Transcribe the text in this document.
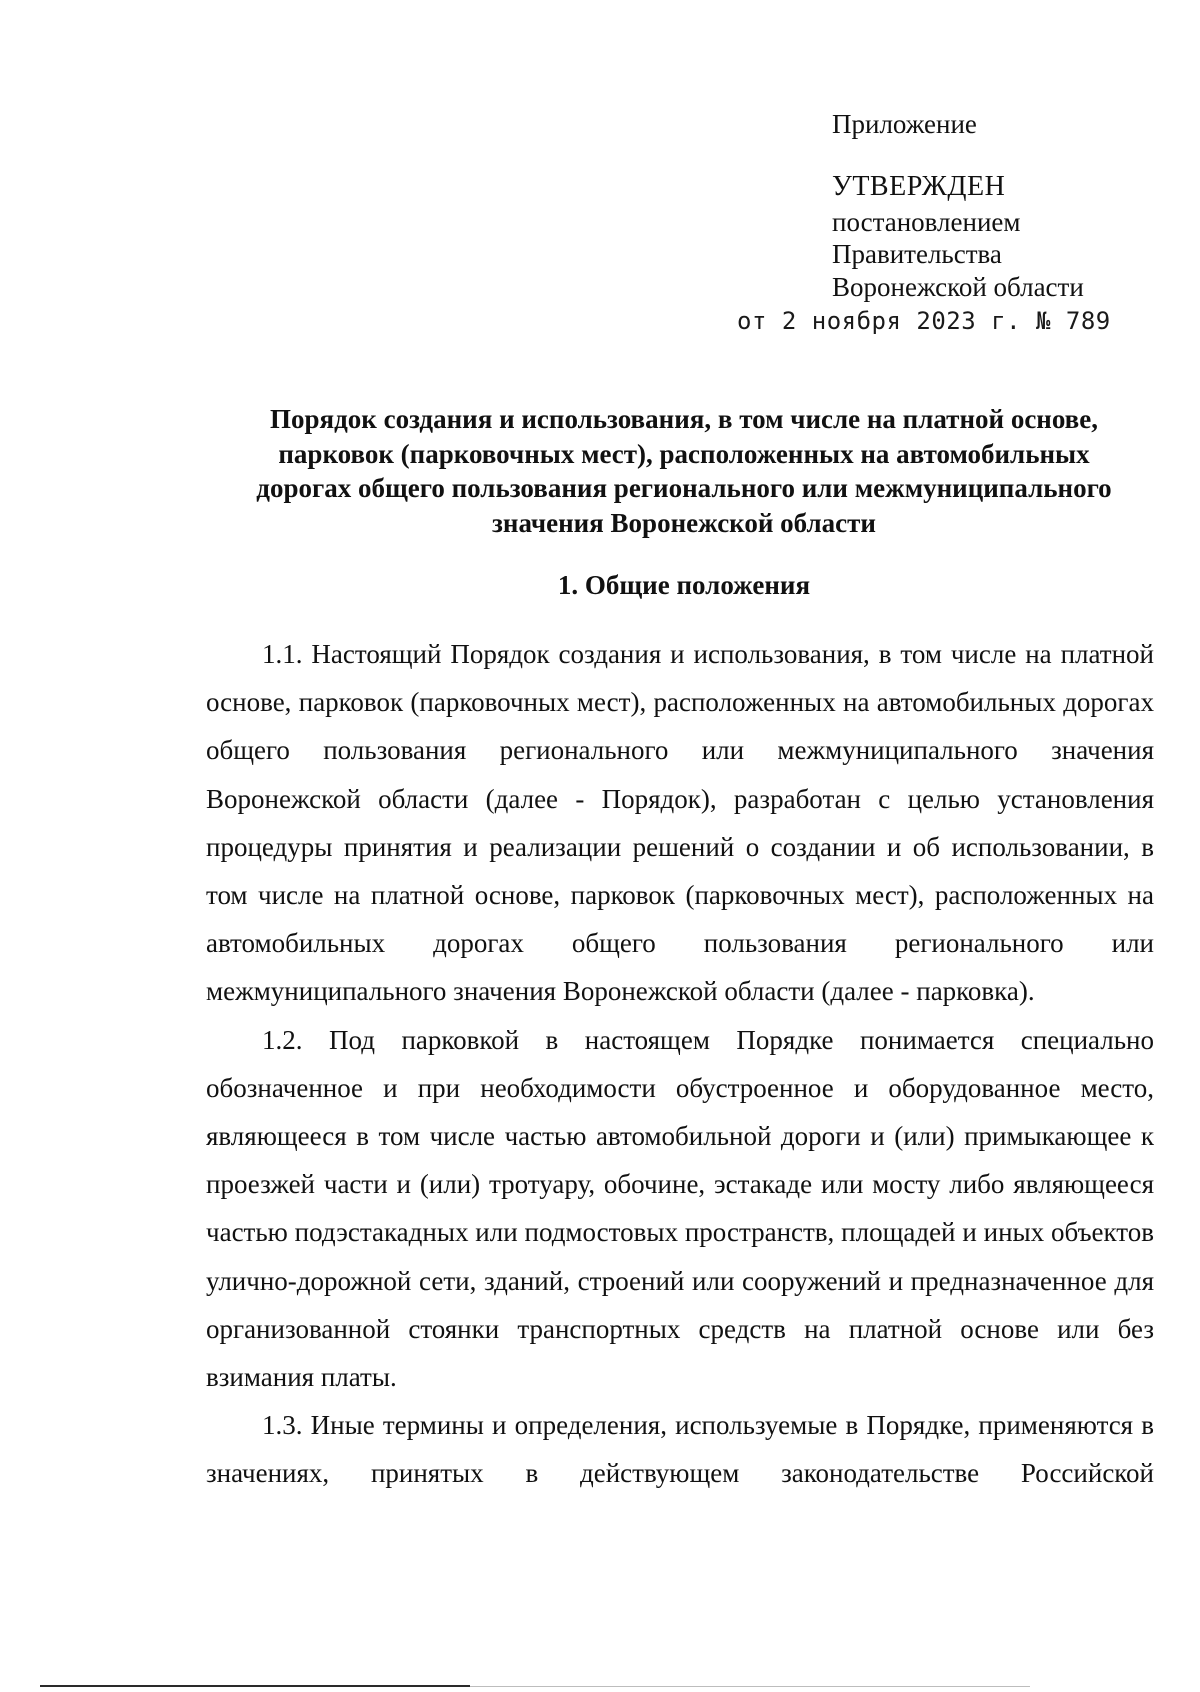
Приложение
УТВЕРЖДЕН
постановлением
Правительства
Воронежской области
от 2 ноября 2023 г. № 789
Порядок создания и использования, в том числе на платной основе,
парковок (парковочных мест), расположенных на автомобильных
дорогах общего пользования регионального или межмуниципального
значения Воронежской области
1. Общие положения

1.1. Настоящий Порядок создания и использования, в том числе на платной основе, парковок (парковочных мест), расположенных на автомобильных дорогах общего пользования регионального или межмуниципального значения Воронежской области (далее - Порядок), разработан с целью установления процедуры принятия и реализации решений о создании и об использовании, в том числе на платной основе, парковок (парковочных мест), расположенных на автомобильных дорогах общего пользования регионального или межмуниципального значения Воронежской области (далее - парковка).

1.2. Под парковкой в настоящем Порядке понимается специально обозначенное и при необходимости обустроенное и оборудованное место, являющееся в том числе частью автомобильной дороги и (или) примыкающее к проезжей части и (или) тротуару, обочине, эстакаде или мосту либо являющееся частью подэстакадных или подмостовых пространств, площадей и иных объектов улично-дорожной сети, зданий, строений или сооружений и предназначенное для организованной стоянки транспортных средств на платной основе или без взимания платы.

1.3. Иные термины и определения, используемые в Порядке, применяются в значениях, принятых в действующем законодательстве Российской
